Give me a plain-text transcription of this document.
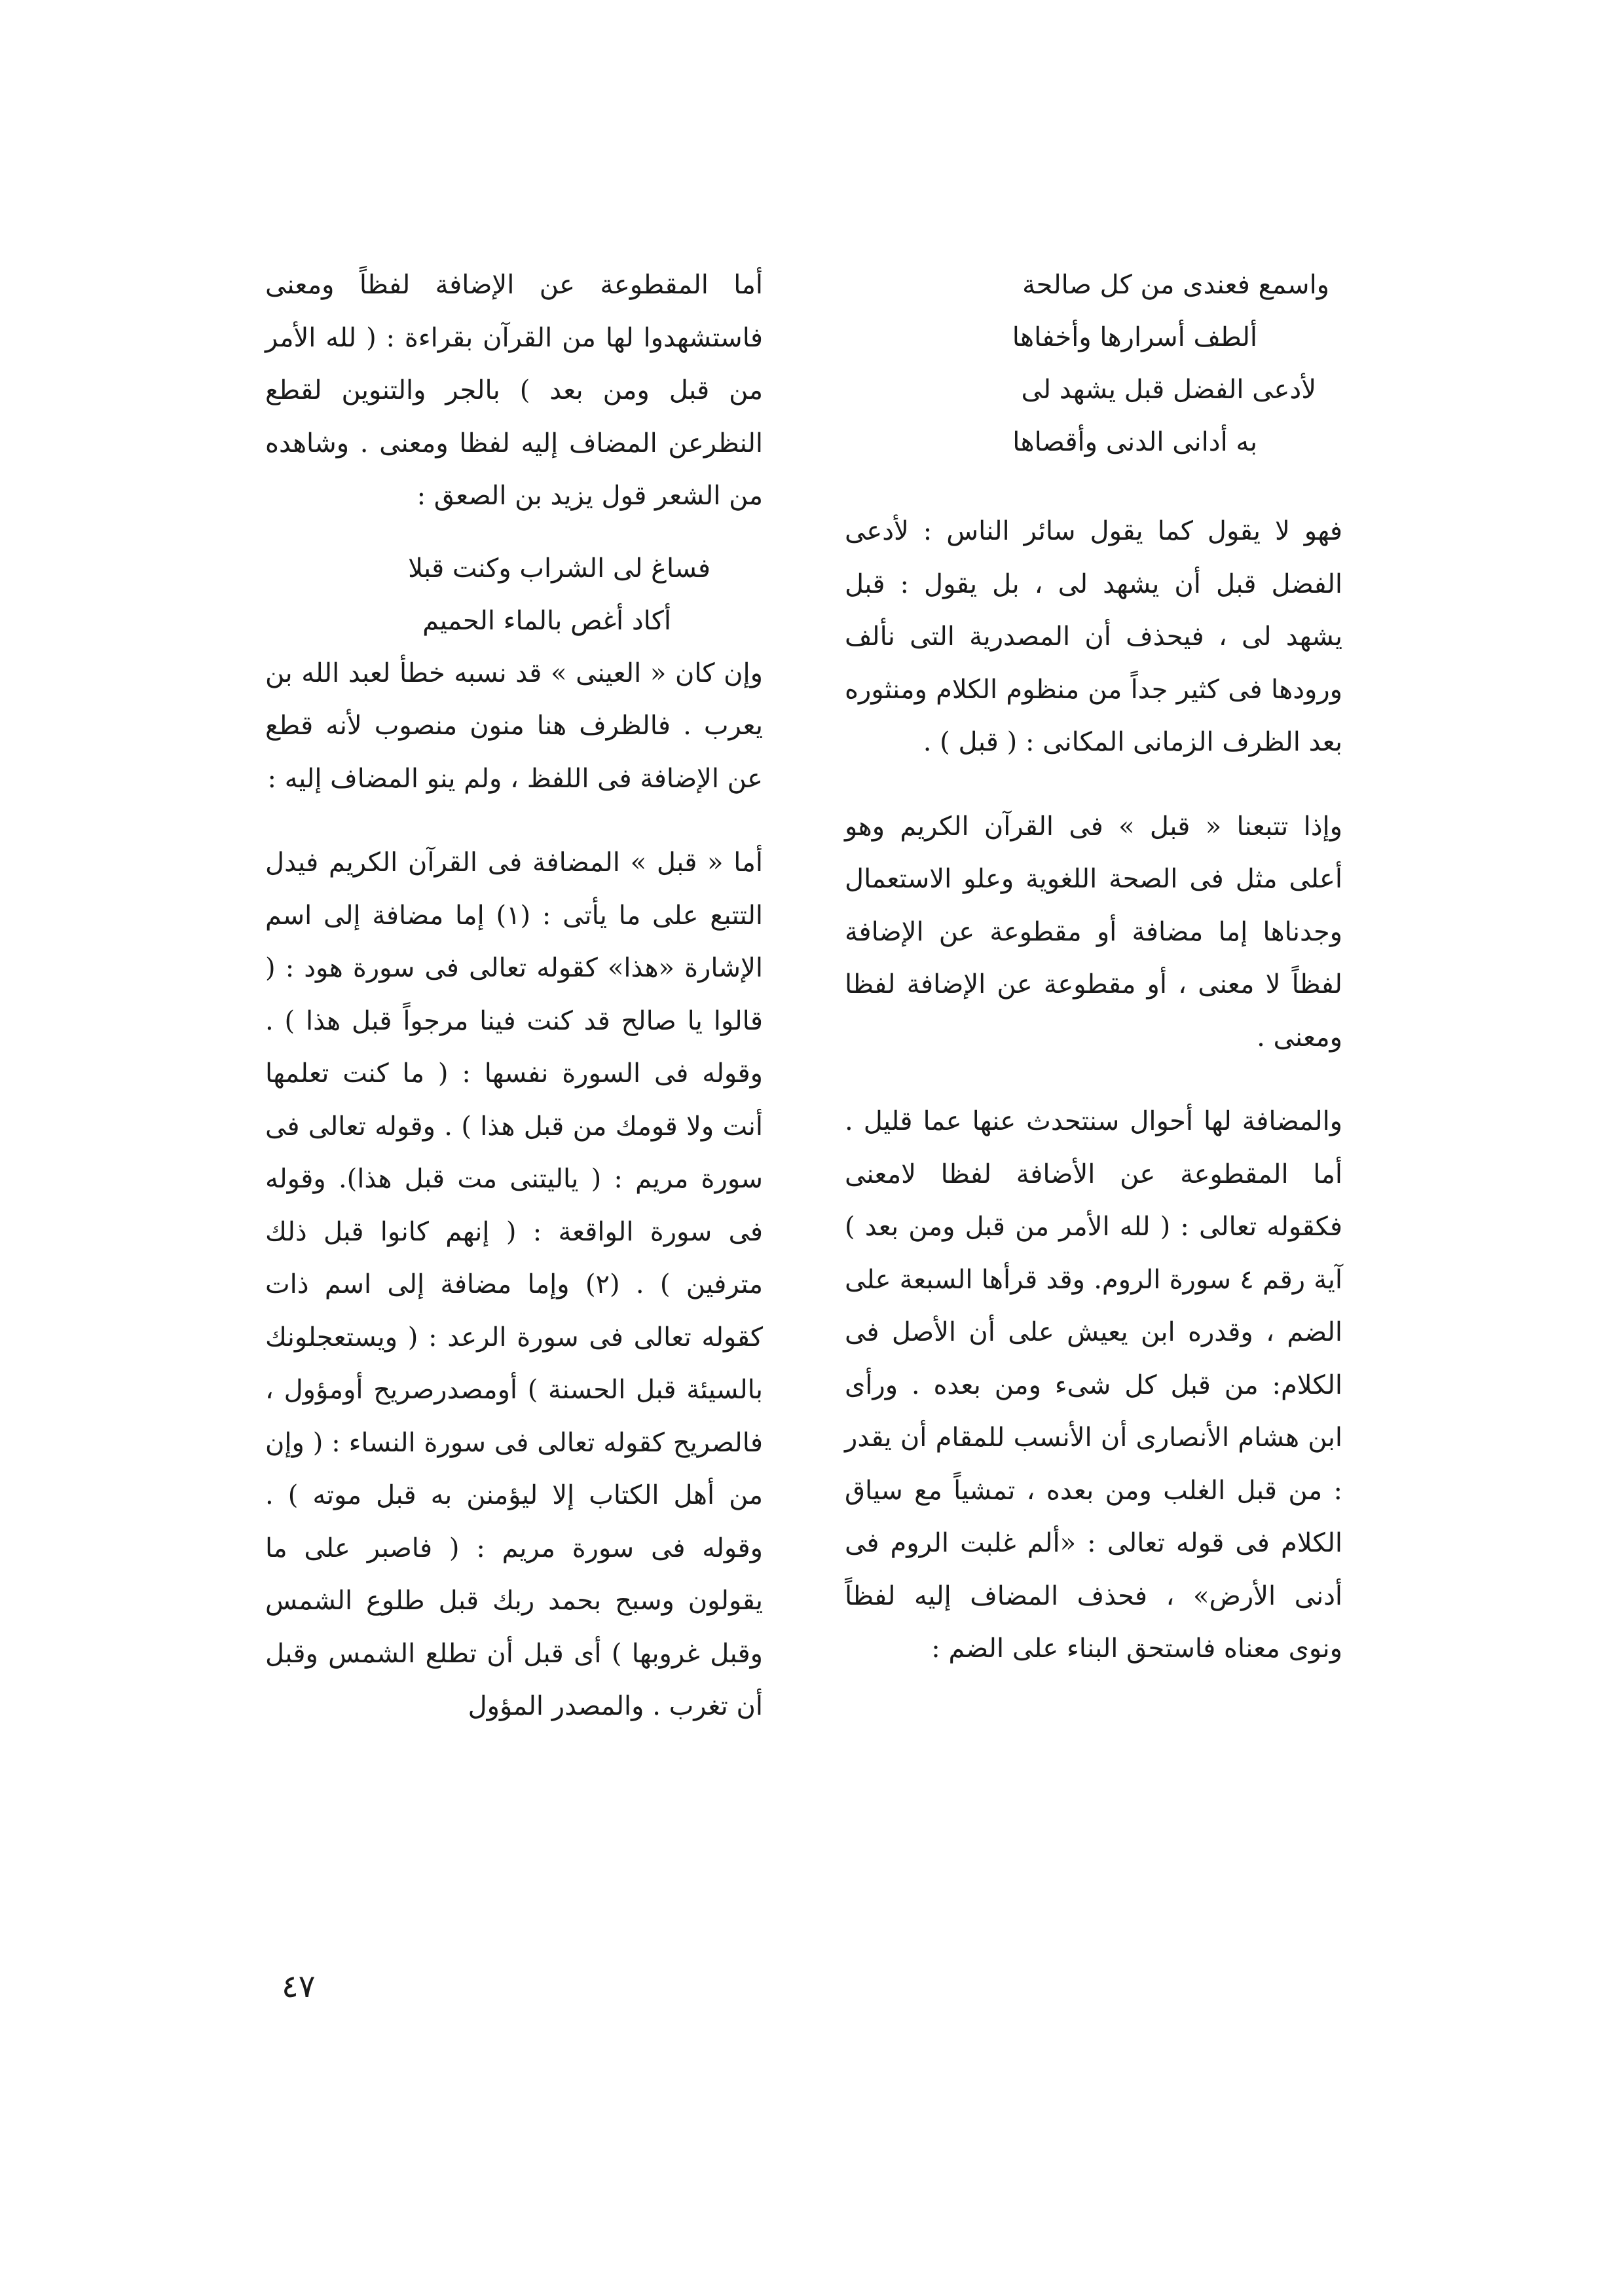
واسمع فعندى من كل صالحة
ألطف أسرارها وأخفاها
لأدعى الفضل قبل يشهد لى
به أدانى الدنى وأقصاها

فهو لا يقول كما يقول سائر الناس : لأدعى الفضل قبل أن يشهد لى ، بل يقول : قبل يشهد لى ، فيحذف أن المصدرية التى نألف ورودها فى كثير جداً من منظوم الكلام ومنثوره بعد الظرف الزمانى المكانى : ( قبل ) .

وإذا تتبعنا « قبل » فى القرآن الكريم وهو أعلى مثل فى الصحة اللغوية وعلو الاستعمال وجدناها إما مضافة أو مقطوعة عن الإضافة لفظاً لا معنى ، أو مقطوعة عن الإضافة لفظا ومعنى .

والمضافة لها أحوال سنتحدث عنها عما قليل . أما المقطوعة عن الأضافة لفظا لامعنى فكقوله تعالى : ( لله الأمر من قبل ومن بعد ) آية رقم ٤ سورة الروم. وقد قرأها السبعة على الضم ، وقدره ابن يعيش على أن الأصل فى الكلام: من قبل كل شىء ومن بعده . ورأى ابن هشام الأنصارى أن الأنسب للمقام أن يقدر : من قبل الغلب ومن بعده ، تمشياً مع سياق الكلام فى قوله تعالى : «ألم غلبت الروم فى أدنى الأرض» ، فحذف المضاف إليه لفظاً ونوى معناه فاستحق البناء على الضم :

أما المقطوعة عن الإضافة لفظاً ومعنى فاستشهدوا لها من القرآن بقراءة : ( لله الأمر من قبل ومن بعد ) بالجر والتنوين لقطع النظرعن المضاف إليه لفظا ومعنى . وشاهده من الشعر قول يزيد بن الصعق :

فساغ لى الشراب وكنت قبلا
أكاد أغص بالماء الحميم

وإن كان « العينى » قد نسبه خطأ لعبد الله بن يعرب . فالظرف هنا منون منصوب لأنه قطع عن الإضافة فى اللفظ ، ولم ينو المضاف إليه :

أما « قبل » المضافة فى القرآن الكريم فيدل التتبع على ما يأتى : (١) إما مضافة إلى اسم الإشارة «هذا» كقوله تعالى فى سورة هود : ( قالوا يا صالح قد كنت فينا مرجواً قبل هذا ) . وقوله فى السورة نفسها : ( ما كنت تعلمها أنت ولا قومك من قبل هذا ) . وقوله تعالى فى سورة مريم : ( ياليتنى مت قبل هذا). وقوله فى سورة الواقعة : ( إنهم كانوا قبل ذلك مترفين ) . (٢) وإما مضافة إلى اسم ذات كقوله تعالى فى سورة الرعد : ( ويستعجلونك بالسيئة قبل الحسنة ) أومصدرصريح أومؤول ، فالصريح كقوله تعالى فى سورة النساء : ( وإن من أهل الكتاب إلا ليؤمنن به قبل موته ) . وقوله فى سورة مريم : ( فاصبر على ما يقولون وسبح بحمد ربك قبل طلوع الشمس وقبل غروبها ) أى قبل أن تطلع الشمس وقبل أن تغرب . والمصدر المؤول

٤٧
